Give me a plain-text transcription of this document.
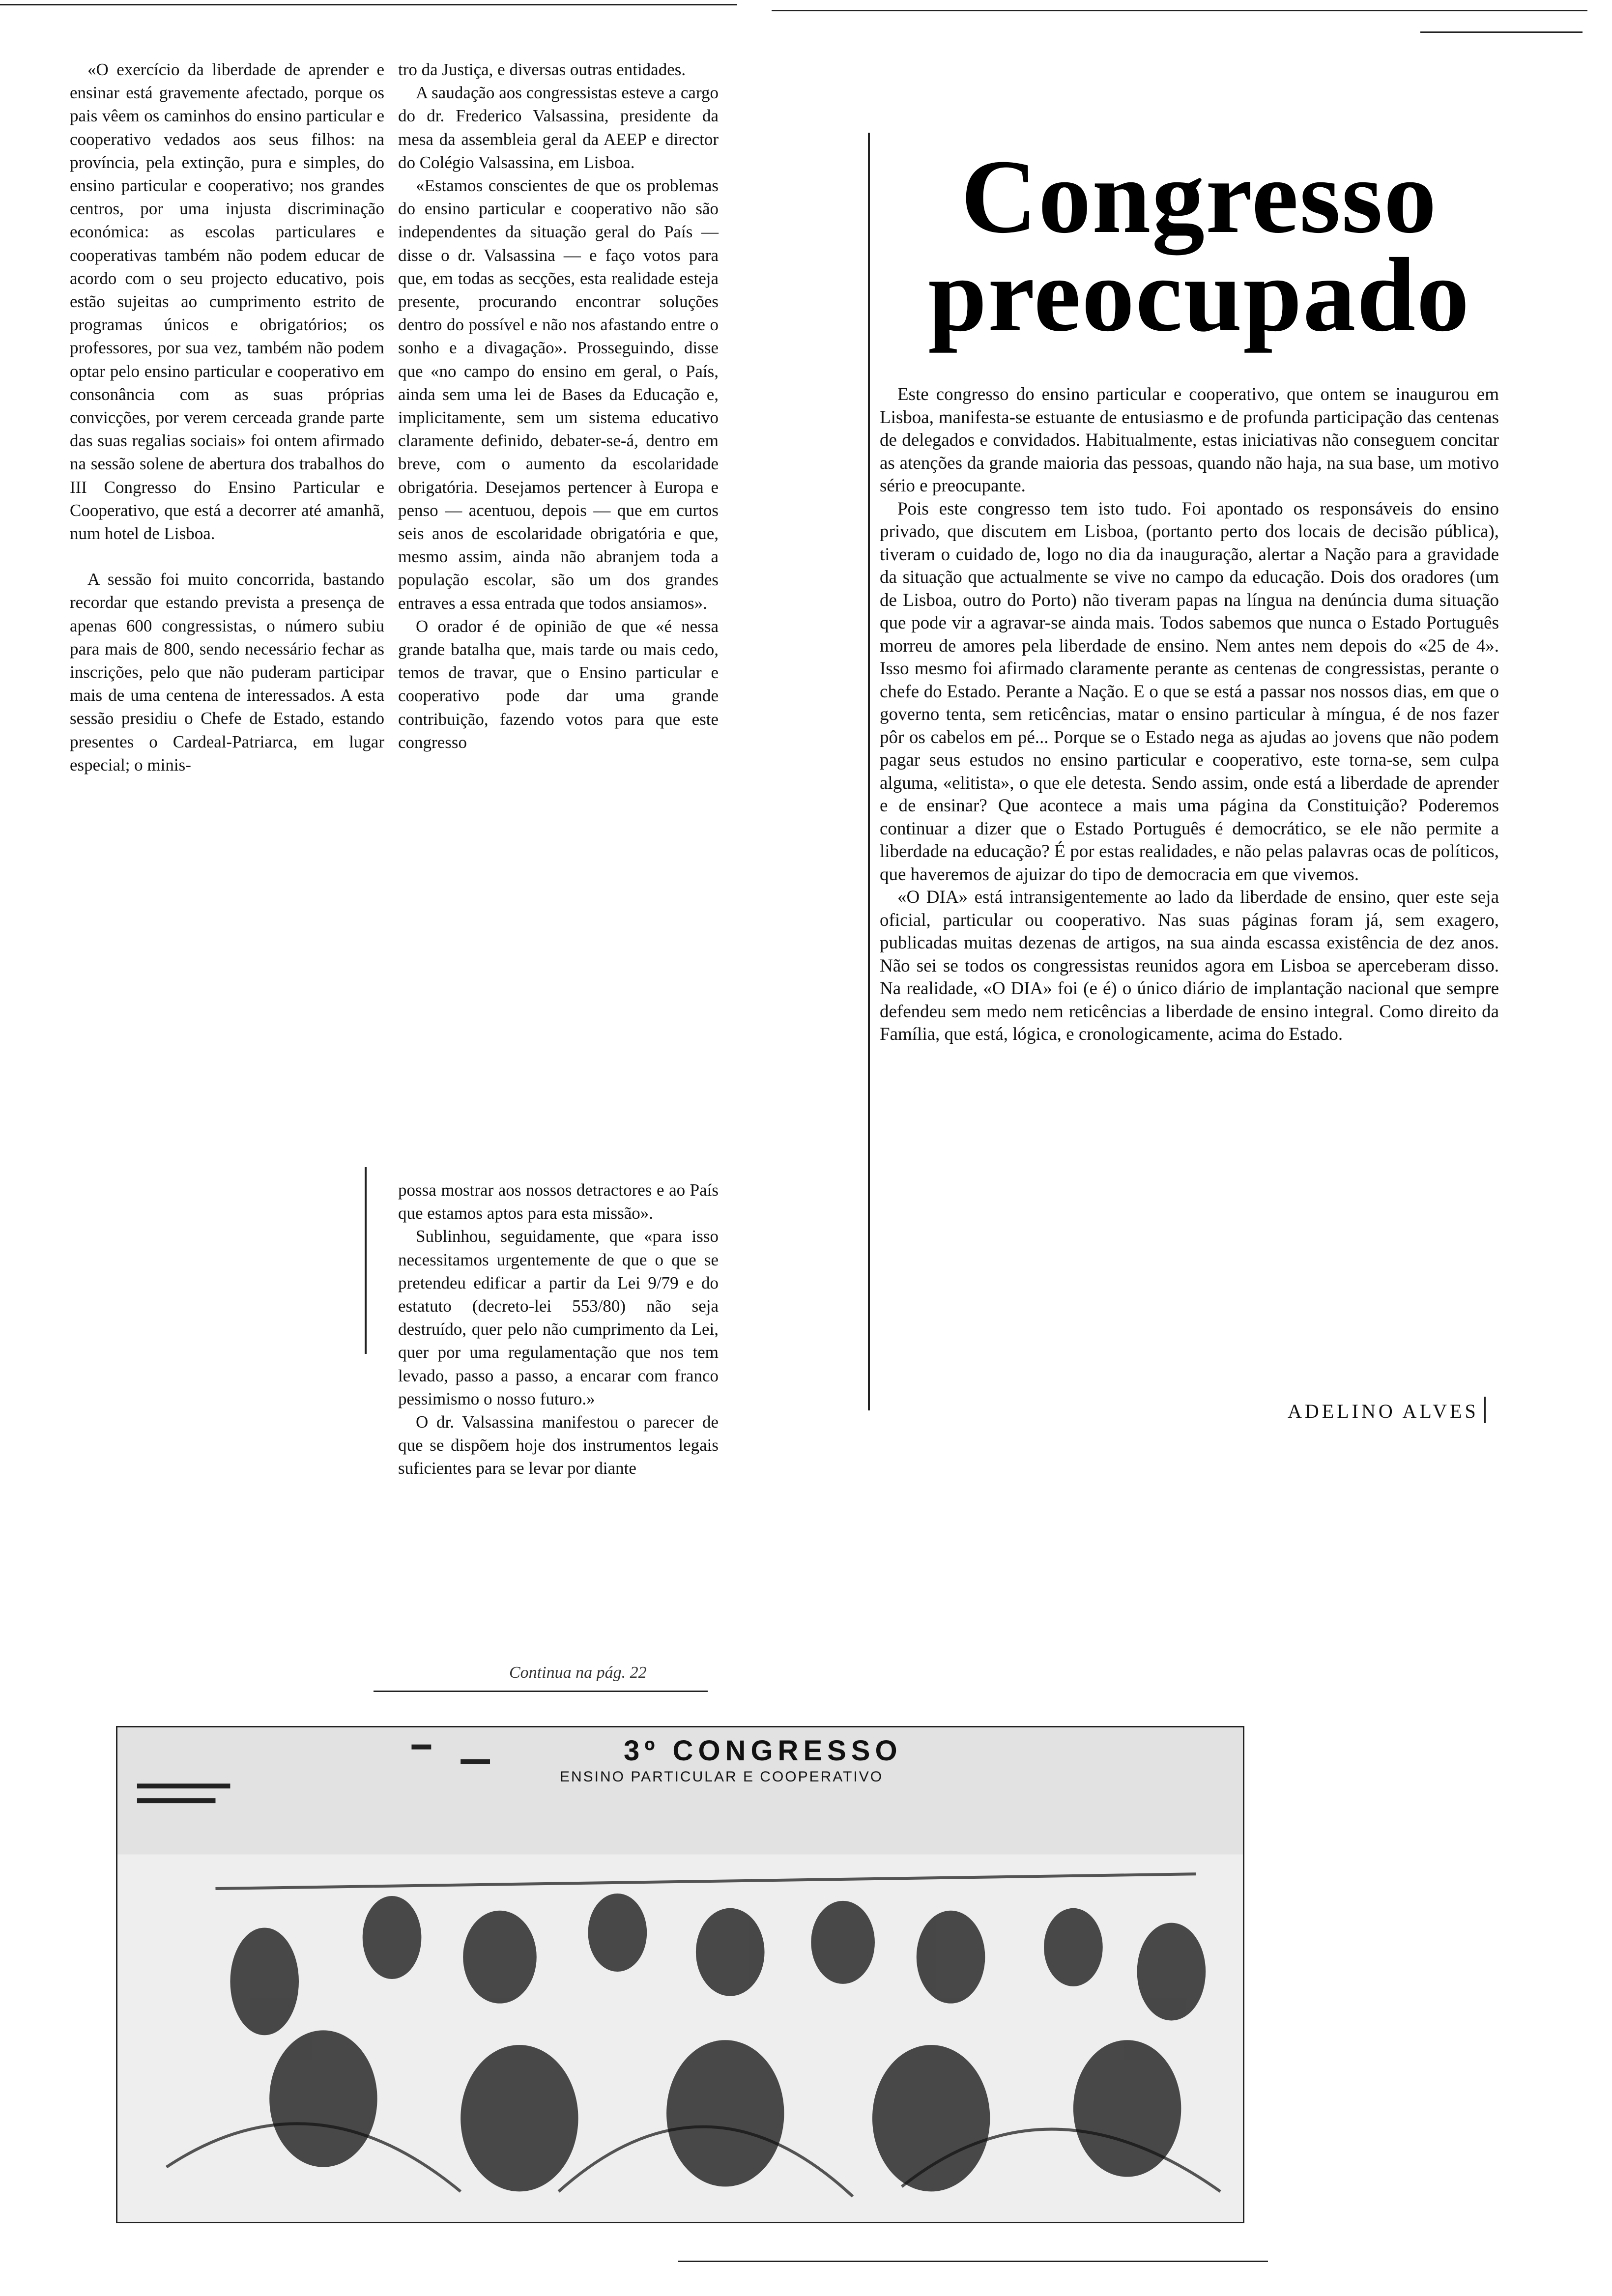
«O exercício da liberdade de aprender e ensinar está gravemente afectado, porque os pais vêem os caminhos do ensino particular e cooperativo vedados aos seus filhos: na província, pela extinção, pura e simples, do ensino particular e cooperativo; nos grandes centros, por uma injusta discriminação económica: as escolas particulares e cooperativas também não podem educar de acordo com o seu projecto educativo, pois estão sujeitas ao cumprimento estrito de programas únicos e obrigatórios; os professores, por sua vez, também não podem optar pelo ensino particular e cooperativo em consonância com as suas próprias convicções, por verem cerceada grande parte das suas regalias sociais» foi ontem afirmado na sessão solene de abertura dos trabalhos do III Congresso do Ensino Particular e Cooperativo, que está a decorrer até amanhã, num hotel de Lisboa.

A sessão foi muito concorrida, bastando recordar que estando prevista a presença de apenas 600 congressistas, o número subiu para mais de 800, sendo necessário fechar as inscrições, pelo que não puderam participar mais de uma centena de interessados. A esta sessão presidiu o Chefe de Estado, estando presentes o Cardeal-Patriarca, em lugar especial; o minis-

tro da Justiça, e diversas outras entidades.

A saudação aos congressistas esteve a cargo do dr. Frederico Valsassina, presidente da mesa da assembleia geral da AEEP e director do Colégio Valsassina, em Lisboa.

«Estamos conscientes de que os problemas do ensino particular e cooperativo não são independentes da situação geral do País — disse o dr. Valsassina — e faço votos para que, em todas as secções, esta realidade esteja presente, procurando encontrar soluções dentro do possível e não nos afastando entre o sonho e a divagação». Prosseguindo, disse que «no campo do ensino em geral, o País, ainda sem uma lei de Bases da Educação e, implicitamente, sem um sistema educativo claramente definido, debater-se-á, dentro em breve, com o aumento da escolaridade obrigatória. Desejamos pertencer à Europa e penso — acentuou, depois — que em curtos seis anos de escolaridade obrigatória e que, mesmo assim, ainda não abranjem toda a população escolar, são um dos grandes entraves a essa entrada que todos ansiamos».

O orador é de opinião de que «é nessa grande batalha que, mais tarde ou mais cedo, temos de travar, que o Ensino particular e cooperativo pode dar uma grande contribuição, fazendo votos para que este congresso

possa mostrar aos nossos detractores e ao País que estamos aptos para esta missão».

Sublinhou, seguidamente, que «para isso necessitamos urgentemente de que o que se pretendeu edificar a partir da Lei 9/79 e do estatuto (decreto-lei 553/80) não seja destruído, quer pelo não cumprimento da Lei, quer por uma regulamentação que nos tem levado, passo a passo, a encarar com franco pessimismo o nosso futuro.»

O dr. Valsassina manifestou o parecer de que se dispõem hoje dos instrumentos legais suficientes para se levar por diante

Continua na pág. 22
Congresso
preocupado

Este congresso do ensino particular e cooperativo, que ontem se inaugurou em Lisboa, manifesta-se estuante de entusiasmo e de profunda participação das centenas de delegados e convidados. Habitualmente, estas iniciativas não conseguem concitar as atenções da grande maioria das pessoas, quando não haja, na sua base, um motivo sério e preocupante.

Pois este congresso tem isto tudo. Foi apontado os responsáveis do ensino privado, que discutem em Lisboa, (portanto perto dos locais de decisão pública), tiveram o cuidado de, logo no dia da inauguração, alertar a Nação para a gravidade da situação que actualmente se vive no campo da educação. Dois dos oradores (um de Lisboa, outro do Porto) não tiveram papas na língua na denúncia duma situação que pode vir a agravar-se ainda mais. Todos sabemos que nunca o Estado Português morreu de amores pela liberdade de ensino. Nem antes nem depois do «25 de 4». Isso mesmo foi afirmado claramente perante as centenas de congressistas, perante o chefe do Estado. Perante a Nação. E o que se está a passar nos nossos dias, em que o governo tenta, sem reticências, matar o ensino particular à míngua, é de nos fazer pôr os cabelos em pé... Porque se o Estado nega as ajudas ao jovens que não podem pagar seus estudos no ensino particular e cooperativo, este torna-se, sem culpa alguma, «elitista», o que ele detesta. Sendo assim, onde está a liberdade de aprender e de ensinar? Que acontece a mais uma página da Constituição? Poderemos continuar a dizer que o Estado Português é democrático, se ele não permite a liberdade na educação? É por estas realidades, e não pelas palavras ocas de políticos, que haveremos de ajuizar do tipo de democracia em que vivemos.

«O DIA» está intransigentemente ao lado da liberdade de ensino, quer este seja oficial, particular ou cooperativo. Nas suas páginas foram já, sem exagero, publicadas muitas dezenas de artigos, na sua ainda escassa existência de dez anos. Não sei se todos os congressistas reunidos agora em Lisboa se aperceberam disso. Na realidade, «O DIA» foi (e é) o único diário de implantação nacional que sempre defendeu sem medo nem reticências a liberdade de ensino integral. Como direito da Família, que está, lógica, e cronologicamente, acima do Estado.

ADELINO ALVES
3º CONGRESSO
ENSINO PARTICULAR E COOPERATIVO
